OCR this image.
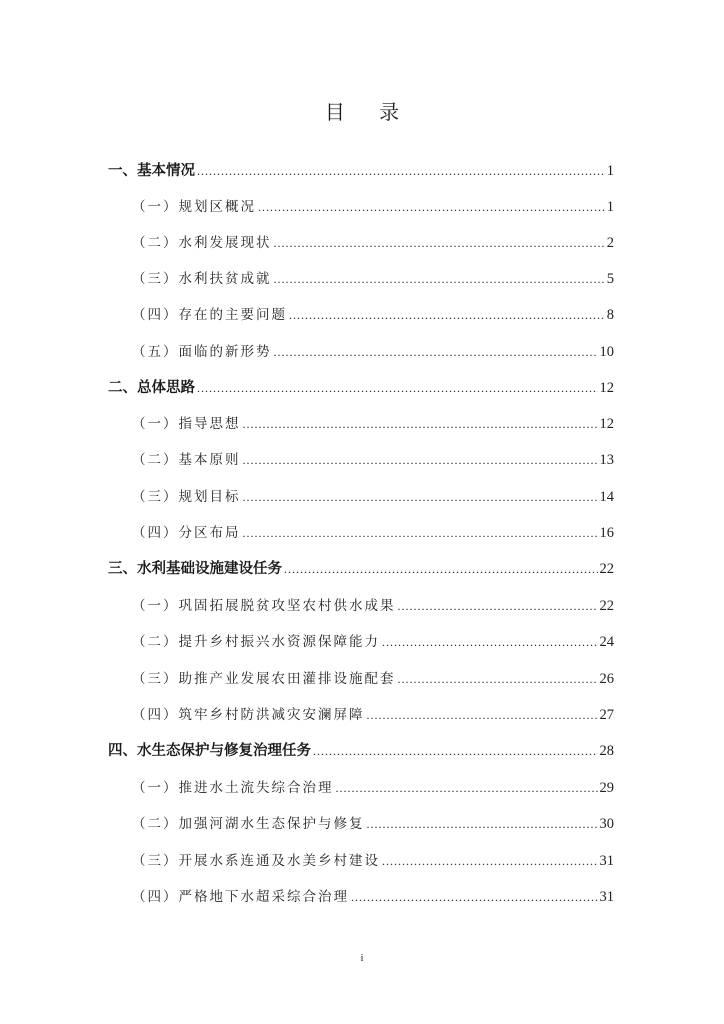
目 录
一、基本情况 .....	1
（一）规划区概况 .....	1
（二）水利发展现状 .....	2
（三）水利扶贫成就 .....	5
（四）存在的主要问题 .....	8
（五）面临的新形势 .....	10
二、总体思路 .....	12
（一）指导思想 .....	12
（二）基本原则 .....	13
（三）规划目标 .....	14
（四）分区布局 .....	16
三、水利基础设施建设任务 .....	22
（一）巩固拓展脱贫攻坚农村供水成果 .....	22
（二）提升乡村振兴水资源保障能力 .....	24
（三）助推产业发展农田灌排设施配套 .....	26
（四）筑牢乡村防洪减灾安澜屏障 .....	27
四、水生态保护与修复治理任务 .....	28
（一）推进水土流失综合治理 .....	29
（二）加强河湖水生态保护与修复 .....	30
（三）开展水系连通及水美乡村建设 .....	31
（四）严格地下水超采综合治理 .....	31
i
